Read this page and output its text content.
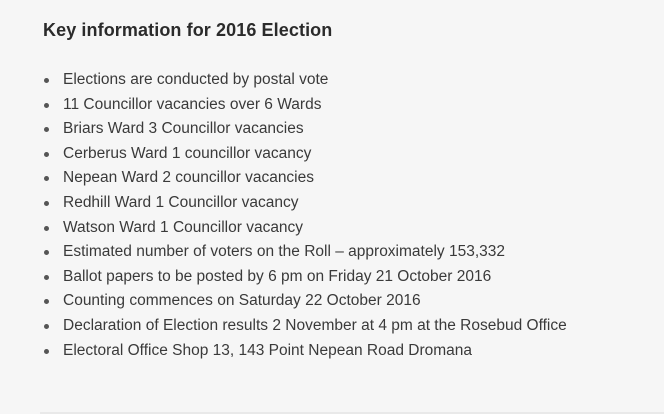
Key information for 2016 Election
Elections are conducted by postal vote
11 Councillor vacancies over 6 Wards
Briars Ward 3 Councillor vacancies
Cerberus Ward 1 councillor vacancy
Nepean Ward 2 councillor vacancies
Redhill Ward 1 Councillor vacancy
Watson Ward 1 Councillor vacancy
Estimated number of voters on the Roll – approximately 153,332
Ballot papers to be posted by 6 pm on Friday 21 October 2016
Counting commences on Saturday 22 October 2016
Declaration of Election results 2 November at 4 pm at the Rosebud Office
Electoral Office Shop 13, 143 Point Nepean Road Dromana
